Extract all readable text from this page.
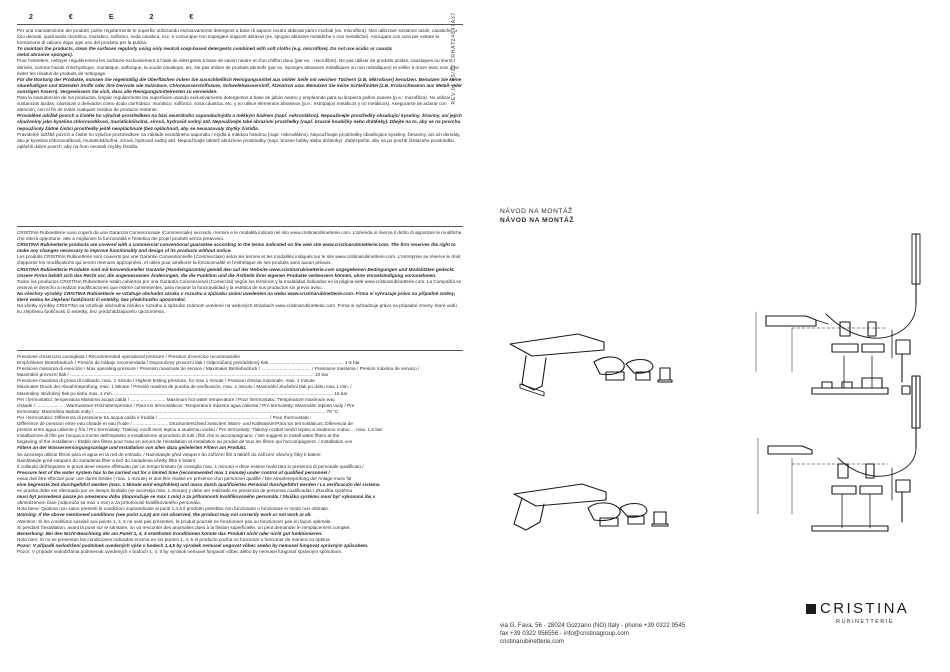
2	€	E	2	€

Per una manutenzione dei prodotti, pulire regolarmente le superfici utilizzando esclusivamente detergenti a base di sapone neutro abbinati panni morbidi (es. microfibra). Non utilizzare sostanze acide, caustiche, o loro derivati, quali acido cloridrico, muriatico, solforico, soda caustica, ecc. e comunque non impiegare supporti abrasivi (es. spugne abrasive metalliche o non metalliche). Asciugare con cura per evitare la formazione di calcare dopo ogni uso del prodotto per la pulizia.

To maintain the products, clean the surfaces regularly using only neutral soap-based detergents combined with soft cloths (e.g. microfibre). Do not use acidic or caustic

metal abrasive sponges).

Pour l'entretien, nettoyer régulièrement les surfaces exclusivement à l'aide de détergents à base de savon neutre et d'un chiffon doux (par ex. : microfibre). Ne pas utiliser de produits acides, caustiques ou leurs dérivés, comme l'acide chlorhydrique, muriatique, sulfurique, la soude caustique, etc. Ne pas utiliser de produits abrasifs (par ex. éponges abrasives métalliques ou non métalliques) et veiller à rincer avec soin pour éviter les résidus de produits de nettoyage.

Für die Wartung der Produkte, müssen Sie regelmäßig die Oberflächen indem Sie ausschließlich Reinigungsmittel aus milder Seife mit weichen Tüchern (z.B. Mikrofaser) benutzen. Benutzen Sie keine säurehaltigen und ätzenden Stoffe oder ihre Derivate wie Salzsäure, Chlorwasserstoffsäure, Schwefelwasserstoff, Ätznatron usw. Benutzen Sie keine Schleifmittel (z.B. Kratzschwamm aus Metall- oder sonstigen Fasern). Vergewissern Sie sich, dass alle Reinigungsmittelresten zu vermeiden.

Para la manutención de los productos, limpiar regularmente las superficies usando exclusivamente detergentes a base de jabón neutro y empleando para su limpieza paños suaves (p.e.: microfibra). No utilizar sustancias ácidas, cáusticas o derivados como ácido clorhídrico, muriático, sulfúrico, sosa cáustica, etc. y no utilice elementos abrasivos (p.e.: estropajos metálicos y no metálicos). Asegurarse de aclarar con atención, con el fin de evitar cualquier residuo de producto restante.

Prováděné údržbě povrch a čistěte ho výlučně prostředkem na bázi neutrálního saponátu/mýdla a měkkým hadrem (např. mikrovlákno). Nepoužívejte prostředky obsahující kyseliny, žíraviny, ani jejich sloučeniny jako kyselina chlorovodíková, muriatická/solná, sírová, hydroxid sodný atd. Nepoužívejte také abrazivní prostředky (např. brusné houbičky nebo drátěnky). Dbejte na to, aby se na povrchu nepoužívaly žádné čisticí prostředky ještě neopláchnuté (bez opláchnutí, aby se neusazovaly zbytky čistidla.

Pravidelné údržbě povrch a čistite ho výlučne prostriedkom na základe neutrálneho saponátu / mydla a mäkkou handrou (napr. mikrovlákno). Nepoužívajte prostriedky obsahujúce kyseliny, žieraviny, ani ich deriváty, ako je kyselina chlorovodíková, muriatická/soľná, sírová, hydroxid sodný atď. Nepoužívajte taktiež abrazívne prostriedky (napr. brúsne hubky alebo drôtenky). Zabezpečte, aby sa po použití čistiaceho prostriedku opláchli dobre povrch, aby na ňom neostali zvyšky čistidla.

REV.01 09/22 CRHAT24647A37

CRISTINA Rubinetterie sono coperti da una Garanzia Convenzionale (Commerciale) secondo i termini e le modalità indicati nel sito www.cristinarubinetterie.com. L'azienda si riserva il diritto di apportare le modifiche che riterrà opportune, atte a migliorare la funzionalità e l'estetica dei propri prodotti senza preavviso.

CRISTINA Rubinetterie products are covered with a commercial conventional guarantee according to the terms indicated on the web site www.cristinarubinetterie.com. The firm reserves the right to make any changes necessary to improve functionality and design of its products without notice.

Les produits CRISTINA Rubinetterie sont couverts par une Garantie Conventionnelle (Commerciale) selon les termes et les modalités indiqués sur le site www.cristinarubinetterie.com. L'entreprise se réserve le droit d'apporter les modifications qui seront retenues appropriées, et utiles pour améliorer la fonctionnalité et l'esthétique de ses produits sans aucun préavis.

CRISTINA Rubinetterie Produkte sind mit konventioneller Garantie (Handelsgarantie) gemäß den auf der Website www.cristinarubinetterie.com angegebenen Bedingungen und Modalitäten gedeckt. Unsere Firma behält sich das Recht vor, die angemessenen Änderungen, die die Funktion und die Ästhetik ihrer eigenen Produkte verbessern können, ohne Vorankündigung vorzunehmen.

Todos los productos CRISTINA Rubinetterie están cubiertos por una Garantía Convencional (Comercial) según los términos y la modalidad indicados en la página web www.cristinarubinetterie.com. La Compañía se reserva el derecho a realizar modificaciones que estime convenientes, para mejorar la funcionalidad y la estética de sus productos sin previo aviso.

Na všechny výrobky CRISTINA Rubinetterie se vztahuje obchodní záruka v rozsahu a způsobu známí uvedeném na webu www.cristinarubinetterie.com. Firma si vyhrazuje právo na případné změny, které vedou ke zlepšení funkčnosti či estetiky, bez předchozího upozornění.

Na všetky výrobky CRISTINA sa vzťahuje obchodná záruka v rozsahu a spôsobe známom uvedené na webových stránkach www.cristinarubinetterie.com. Firma si vyhradzuje právo na prípadné zmeny, ktoré vedú ku zlepšeniu funkčnosti či estetiky, bez predchádzajúceho upozornenia.

Pressione d'esercizio consigliata / Recommended operational pressure / Pression d'exercice recommandée

Empfohlener Betriebsdruck / Presión de trabajo recomendada / Doporučený provozní tlak / Odporúčaný prevádzkový tlak ......................................................... 1-5 bar

Pressione massima di esercizio / Max operating pressure / Pression maximale de service / Maximaler Betriebsdruck / ...................................... / Pressione massima / Presión máxima de servicio /

Maximální provozní tlak / ........................................................................................................................................................................................... 10 bar

Pressione massima di prova di collaudo, max. 1 minuto / Highest testing pressure, for max 1 minute / Pression d'essai maximale, max. 1 minute

Maximaler Druck der Abnahmeprüfung, max. 1 Minute / Presión maxima de prueba de verificación, max. 1 minuto / Maximální zkušební tlak po dobu max 1 min. /

Maximálny skúšobný tlak po dobu max. 1 min. ........................................................................................................................................................................ 16 bar

Per i termostatici: temperatura Massima acqua calda / ........................... Maximum hot water temperature / Pour thermostatic: Température maximum eau

chaude / ...................... Warmwasser-Höchsttemperatur / Para los termostáticos: Temperatura máxima agua caliente / Pro termostaty: Maximální teplota vody / Pre

termostaty: Maximálna teplota vody / ................................................................................................................................................................................. 70 °C

Per i termostatici: Differenza di pressione tra acqua calda e fredda / ..................................................................................... / Pour thermostatic:

Différence de pression entre eau chaude et eau froide / ........................... Druckunterschied zwischen Warm- und Kaltwasser/Para los termostáticos: Diferencia de

presión entre agua caliente y fría / Pro termostaty: Tlakový rozdíl mezi teplou a studenou vodou / Pre termostaty: Tlakový rozdiel medzi teplou a studenou vodou ... max. 1,5 bar

Installazione di filtri per l'acqua a monte dell'impianto e installazione al prodotto di tutti i filtri che lo accompagnano. / We suggest to install water filters at the

beginning of the installation / Établir des filtres pour l'eau en amont de l'installation et installation au produit de tous les filtres qui l'accompagnent. / Installation von

Filtern an der Wasserversorgungsanlage und Installation von allen dazu gelieferten Filtern am Produkt.

Se aconseja utilizar filtros para el agua en la red de entrada. / Nainstalujte před vstupem do zařízení filtr a taktéž do zařízení všechny filtry k balení.

Nainštalujte pred vstupom do zariadenia filter a tiež do zariadenia všetky filtre k balení.

Il collaudo dell'impianto in prova deve essere effettuato per un tempo limitato (si consiglia max. 1 minuto) e deve essere realizzato in presenza di personale qualificato /

Pressure test of the water system has to be carried out for a limited time (recommended max 1 minute) under control of qualified personnel /

essai doit être effectué pour une durée limitée ( max. 1 minute) et doit être réalisé en présence d'un personnel qualifié / Die Abnahmeprüfung der Anlage muss für

eine begrenzte Zeit durchgeführt werden (max. 1 Minute wird empfohlen) und muss durch qualifiziertes Personal durchgeführt werden / La verificación del sistema

en prueba debe ser efectuado por un tiempo limitado (se aconseja max. 1 minuto) y debe ser realizado en presencia de personas cualificadas / Zkouška systému

musí být provedená pouze po omezenou dobu (doporučuje se max 1 min) a za přítomnosti kvalifikovaného personálu / Skúška systému musí byť vykonaná iba v

obmedzenom čase (odporúča sa max 1 min) a za prítomnosti kvalifikovaného personálu.

Nota bene: Qualora non siano presenti le condizioni sopraindicate ai punti 1,4,5 il prodotto potrebbe non funzionare o funzionare in modo non ottimale.

Warning: If the above mentioned conditions (see point 1,4,5) are not observed, the product may not correctly work or not work at all.

Attention: Si les conditions susvisé aux points 1, 4, 5 ne sont pas présentes, le produit pourrait ne fonctionner pas ou fonctionner pas en façon optimale.

Si pendant l'installation, avant la pose sur le sanitaire, on va renconter des anomalies dues à la finition superficielle, on peut demander le remplacement complet.

Bemerkung: Bei den Nicht-Beachtung der am Punkt 1, 4, 5 erwähnten Konditionen könnte das Produkt nicht oder nicht gut funktionieren.

Nota bien: Si no se presentan las condiciones indicadas encima en los puntos 1, 4, 5 el producto podría no funcionar o funcionar de manera no óptima.

Pozor: V případě nedodržení podmínek uvedených výše v bodech 1,4,5 by výrobek nemusel ungovat vůbec anebo by nemusel fungovat správným způsobem.

Pozor: V prípade nedodržania podmienok uvedených v bodoch 1, 4, 5 by výrobok nemusel fungovať vôbec alebo by nemusel fungovať správnym spôsobom.

NÁVOD NA MONTÁŽ
NÁVOD NA MONTÁŽ
CRISTINA
RUBINETTERIE
via G. Fava, 56 - 28024 Gozzano (NO) Italy - phone +39 0322 9545
fax +39 0322 956556 - info@cristinagroup.com
cristinarubinetterie.com
